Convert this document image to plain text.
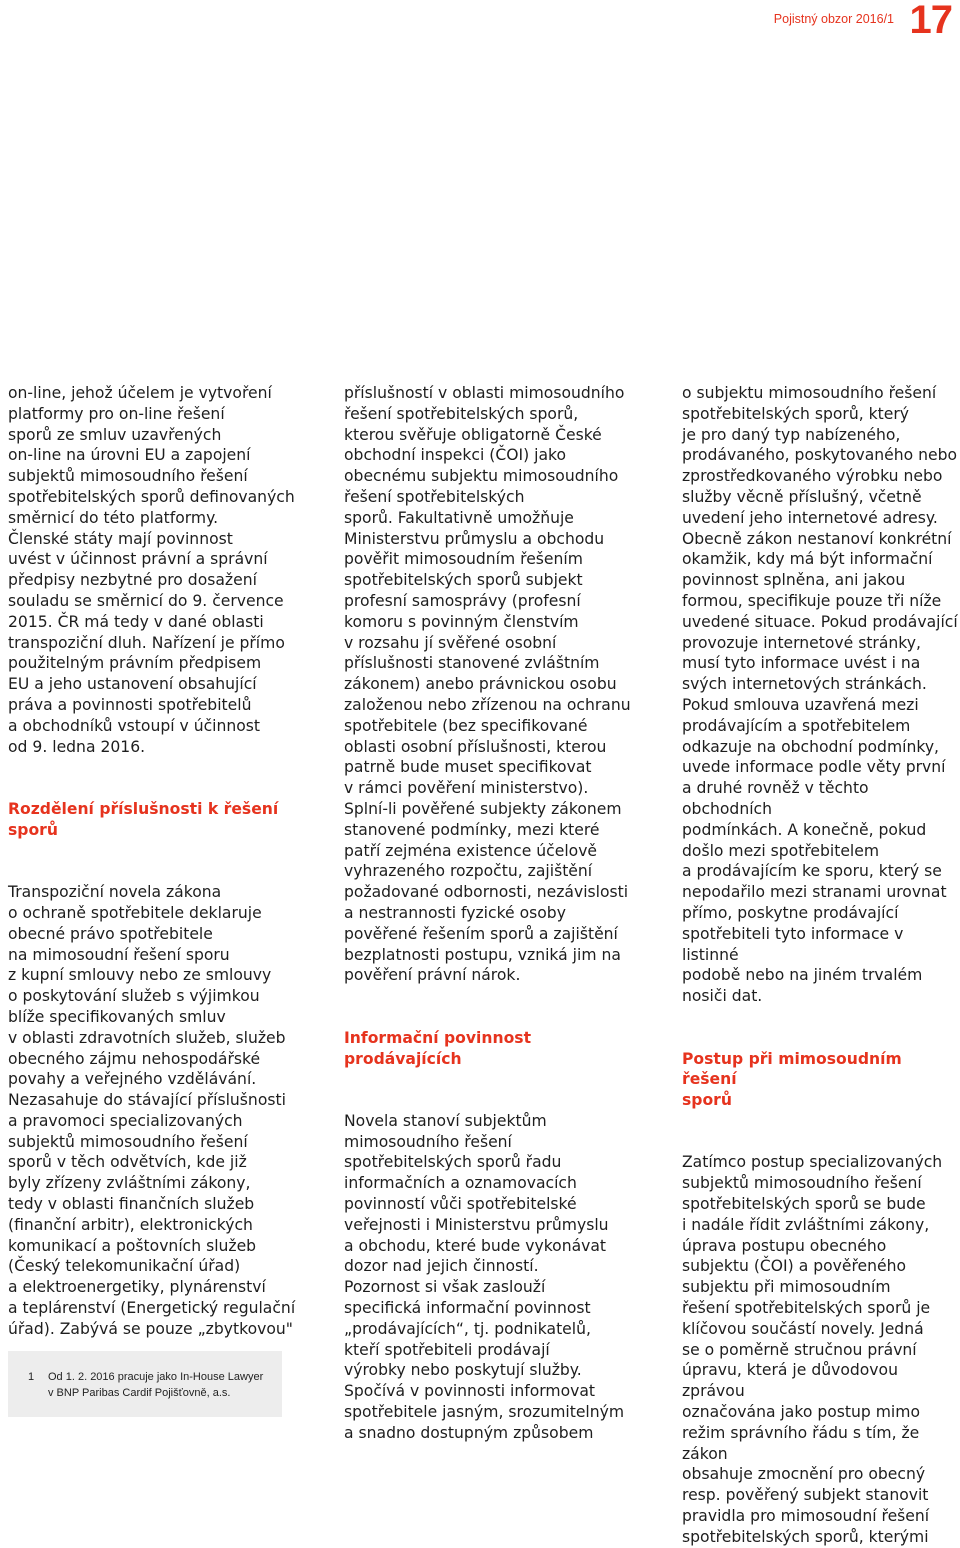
Pojistný obzor 2016/1 17

on-line, jehož účelem je vytvoření
platformy pro on-line řešení
sporů ze smluv uzavřených
on-line na úrovni EU a zapojení
subjektů mimosoudního řešení
spotřebitelských sporů definovaných
směrnicí do této platformy.
Členské státy mají povinnost
uvést v účinnost právní a správní
předpisy nezbytné pro dosažení
souladu se směrnicí do 9. července
2015. ČR má tedy v dané oblasti
transpoziční dluh. Nařízení je přímo
použitelným právním předpisem
EU a jeho ustanovení obsahující
práva a povinnosti spotřebitelů
a obchodníků vstoupí v účinnost
od 9. ledna 2016.

Rozdělení příslušnosti k řešení
sporů

Transpoziční novela zákona
o ochraně spotřebitele deklaruje
obecné právo spotřebitele
na mimosoudní řešení sporu
z kupní smlouvy nebo ze smlouvy
o poskytování služeb s výjimkou
blíže specifikovaných smluv
v oblasti zdravotních služeb, služeb
obecného zájmu nehospodářské
povahy a veřejného vzdělávání.
Nezasahuje do stávající příslušnosti
a pravomoci specializovaných
subjektů mimosoudního řešení
sporů v těch odvětvích, kde již
byly zřízeny zvláštními zákony,
tedy v oblasti finančních služeb
(finanční arbitr), elektronických
komunikací a poštovních služeb
(Český telekomunikační úřad)
a elektroenergetiky, plynárenství
a teplárenství (Energetický regulační
úřad). Zabývá se pouze „zbytkovou"

příslušností v oblasti mimosoudního
řešení spotřebitelských sporů,
kterou svěřuje obligatorně České
obchodní inspekci (ČOI) jako
obecnému subjektu mimosoudního
řešení spotřebitelských
sporů. Fakultativně umožňuje
Ministerstvu průmyslu a obchodu
pověřit mimosoudním řešením
spotřebitelských sporů subjekt
profesní samosprávy (profesní
komoru s povinným členstvím
v rozsahu jí svěřené osobní
příslušnosti stanovené zvláštním
zákonem) anebo právnickou osobu
založenou nebo zřízenou na ochranu
spotřebitele (bez specifikované
oblasti osobní příslušnosti, kterou
patrně bude muset specifikovat
v rámci pověření ministerstvo).
Splní-li pověřené subjekty zákonem
stanovené podmínky, mezi které
patří zejména existence účelově
vyhrazeného rozpočtu, zajištění
požadované odbornosti, nezávislosti
a nestrannosti fyzické osoby
pověřené řešením sporů a zajištění
bezplatnosti postupu, vzniká jim na
pověření právní nárok.

Informační povinnost
prodávajících

Novela stanoví subjektům
mimosoudního řešení
spotřebitelských sporů řadu
informačních a oznamovacích
povinností vůči spotřebitelské
veřejnosti i Ministerstvu průmyslu
a obchodu, které bude vykonávat
dozor nad jejich činností.
Pozornost si však zaslouží
specifická informační povinnost
„prodávajících“, tj. podnikatelů,
kteří spotřebiteli prodávají
výrobky nebo poskytují služby.
Spočívá v povinnosti informovat
spotřebitele jasným, srozumitelným
a snadno dostupným způsobem

o subjektu mimosoudního řešení
spotřebitelských sporů, který
je pro daný typ nabízeného,
prodávaného, poskytovaného nebo
zprostředkovaného výrobku nebo
služby věcně příslušný, včetně
uvedení jeho internetové adresy.
Obecně zákon nestanoví konkrétní
okamžik, kdy má být informační
povinnost splněna, ani jakou
formou, specifikuje pouze tři níže
uvedené situace. Pokud prodávající
provozuje internetové stránky,
musí tyto informace uvést i na
svých internetových stránkách.
Pokud smlouva uzavřená mezi
prodávajícím a spotřebitelem
odkazuje na obchodní podmínky,
uvede informace podle věty první
a druhé rovněž v těchto obchodních
podmínkách. A konečně, pokud
došlo mezi spotřebitelem
a prodávajícím ke sporu, který se
nepodařilo mezi stranami urovnat
přímo, poskytne prodávající
spotřebiteli tyto informace v listinné
podobě nebo na jiném trvalém
nosiči dat.

Postup při mimosoudním řešení
sporů

Zatímco postup specializovaných
subjektů mimosoudního řešení
spotřebitelských sporů se bude
i nadále řídit zvláštními zákony,
úprava postupu obecného
subjektu (ČOI) a pověřeného
subjektu při mimosoudním
řešení spotřebitelských sporů je
klíčovou součástí novely. Jedná
se o poměrně stručnou právní
úpravu, která je důvodovou zprávou
označována jako postup mimo
režim správního řádu s tím, že zákon
obsahuje zmocnění pro obecný
resp. pověřený subjekt stanovit
pravidla pro mimosoudní řešení
spotřebitelských sporů, kterými

1 Od 1. 2. 2016 pracuje jako In-House Lawyer
v BNP Paribas Cardif Pojišťovně, a.s.
